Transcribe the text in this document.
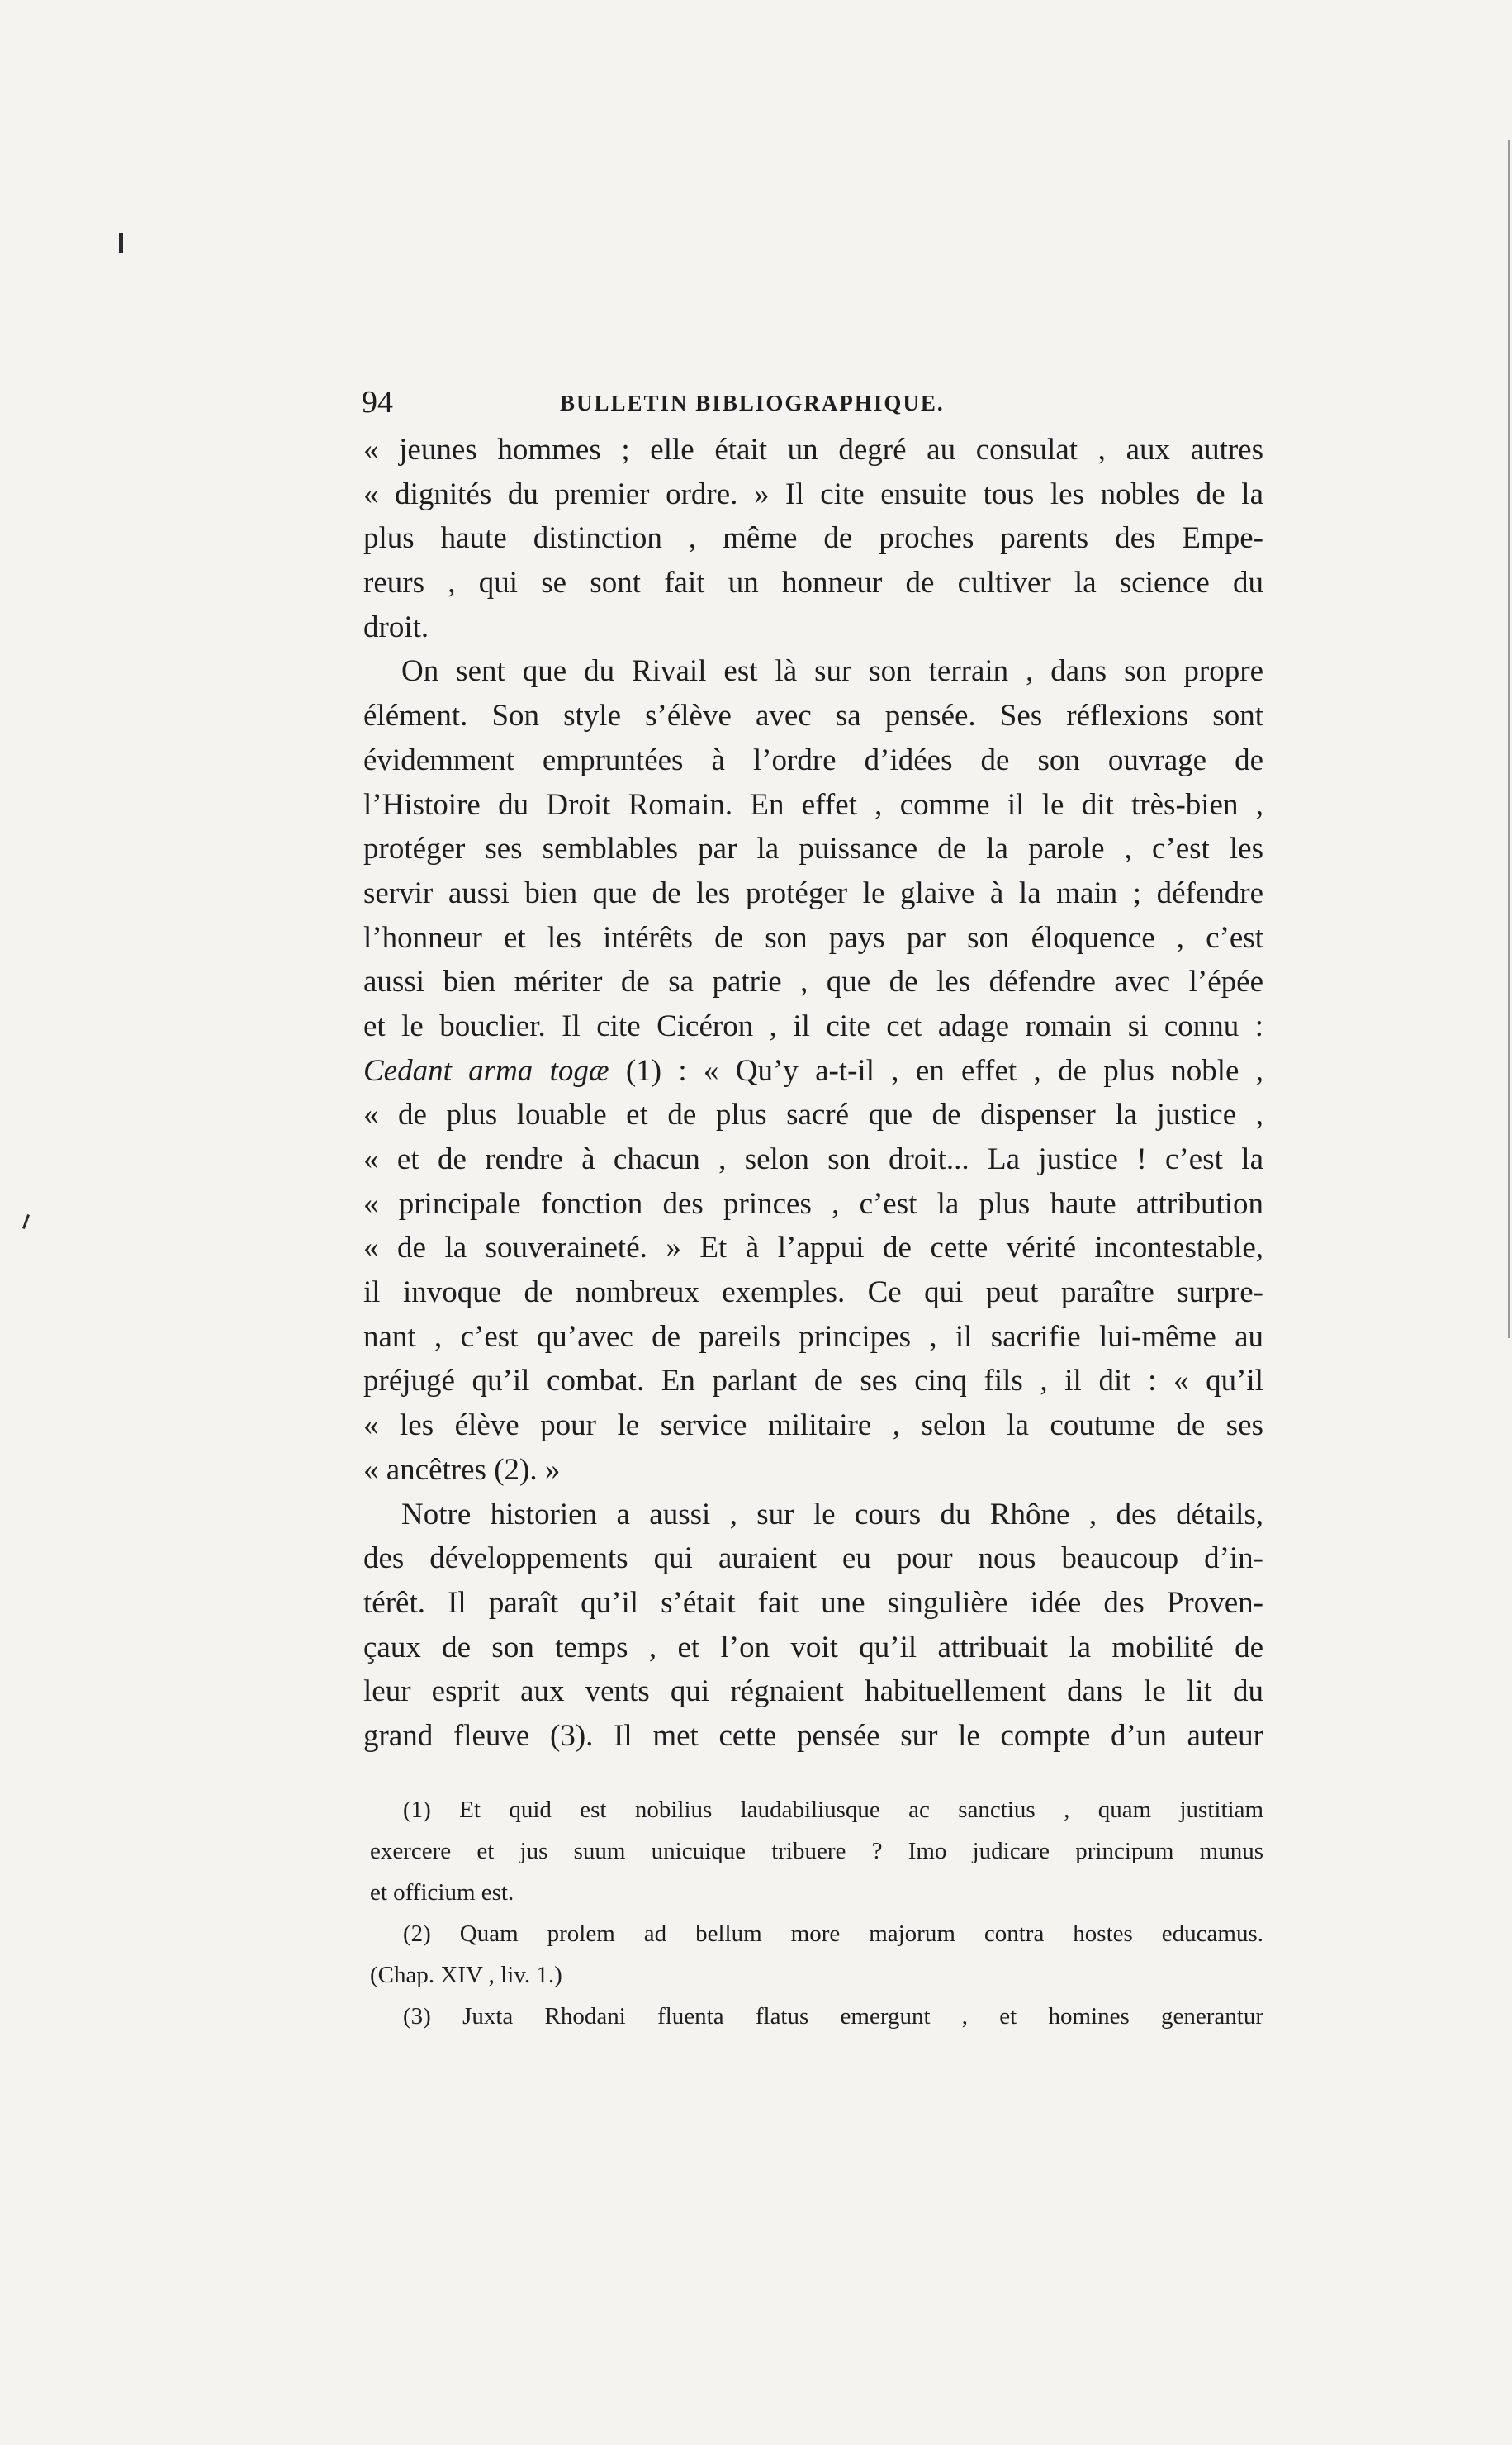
94	BULLETIN BIBLIOGRAPHIQUE.
« jeunes hommes ; elle était un degré au consulat , aux autres
« dignités du premier ordre. » Il cite ensuite tous les nobles de la
plus haute distinction , même de proches parents des Empe-
reurs , qui se sont fait un honneur de cultiver la science du
droit.
On sent que du Rivail est là sur son terrain , dans son propre
élément. Son style s’élève avec sa pensée. Ses réflexions sont
évidemment empruntées à l’ordre d’idées de son ouvrage de
l’Histoire du Droit Romain. En effet , comme il le dit très-bien ,
protéger ses semblables par la puissance de la parole , c’est les
servir aussi bien que de les protéger le glaive à la main ; défendre
l’honneur et les intérêts de son pays par son éloquence , c’est
aussi bien mériter de sa patrie , que de les défendre avec l’épée
et le bouclier. Il cite Cicéron , il cite cet adage romain si connu :
Cedant arma togæ (1) : « Qu’y a-t-il , en effet , de plus noble ,
« de plus louable et de plus sacré que de dispenser la justice ,
« et de rendre à chacun , selon son droit... La justice ! c’est la
« principale fonction des princes , c’est la plus haute attribution
« de la souveraineté. » Et à l’appui de cette vérité incontestable,
il invoque de nombreux exemples. Ce qui peut paraître surpre-
nant , c’est qu’avec de pareils principes , il sacrifie lui-même au
préjugé qu’il combat. En parlant de ses cinq fils , il dit : « qu’il
« les élève pour le service militaire , selon la coutume de ses
« ancêtres (2). »
Notre historien a aussi , sur le cours du Rhône , des détails,
des développements qui auraient eu pour nous beaucoup d’in-
térêt. Il paraît qu’il s’était fait une singulière idée des Proven-
çaux de son temps , et l’on voit qu’il attribuait la mobilité de
leur esprit aux vents qui régnaient habituellement dans le lit du
grand fleuve (3). Il met cette pensée sur le compte d’un auteur
(1) Et quid est nobilius laudabiliusque ac sanctius , quam justitiam
exercere et jus suum unicuique tribuere ? Imo judicare principum munus
et officium est.
(2) Quam prolem ad bellum more majorum contra hostes educamus.
(Chap. XIV , liv. 1.)
(3) Juxta Rhodani fluenta flatus emergunt , et homines generantur
